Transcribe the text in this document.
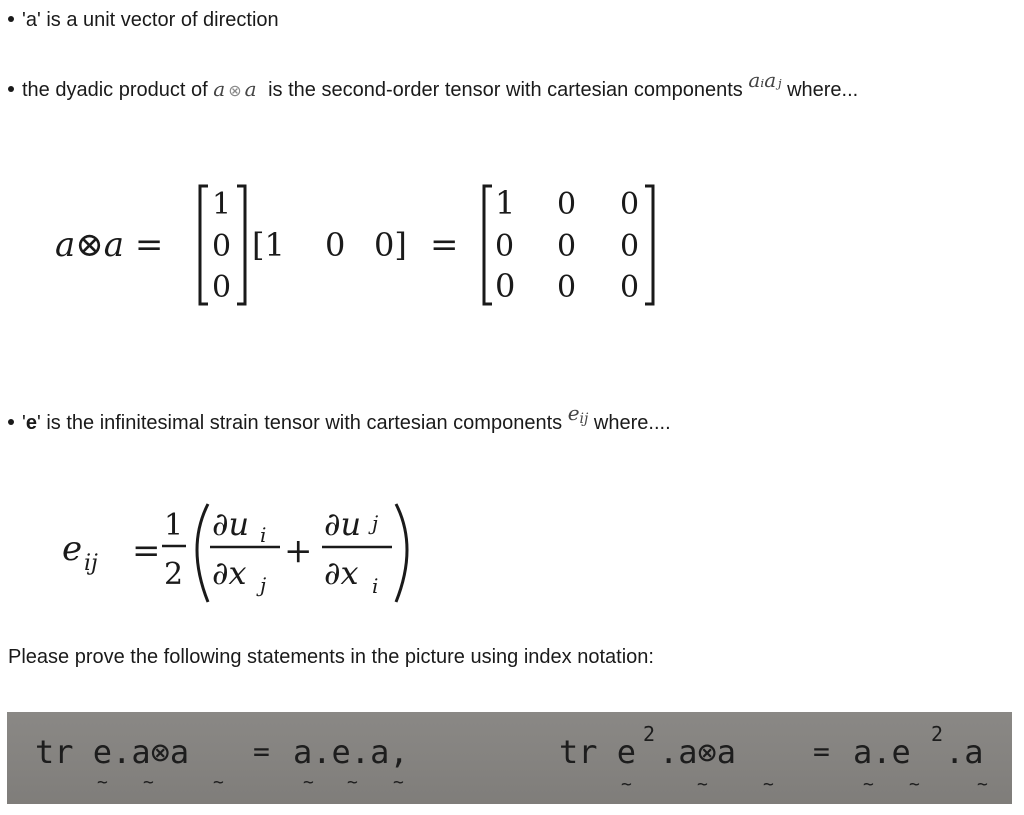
'a' is a unit vector of direction
the dyadic product of a ⊗ a is the second-order tensor with cartesian components aᵢaⱼ where...
a⊗a =
1
0
0
[1 0 0] =
1 0 0
0 0 0
0 0 0
'e' is the infinitesimal strain tensor with cartesian components eij where....
e ij =
1
2
∂u i
∂x j
+
∂u j
∂x i
Please prove the following statements in the picture using index notation:
tr e.a⊗a = a.e.a,
~ ~	~	~ ~ ~
tr e 2 .a⊗a	= a.e 2 .a
~	~	~	~ ~	~
